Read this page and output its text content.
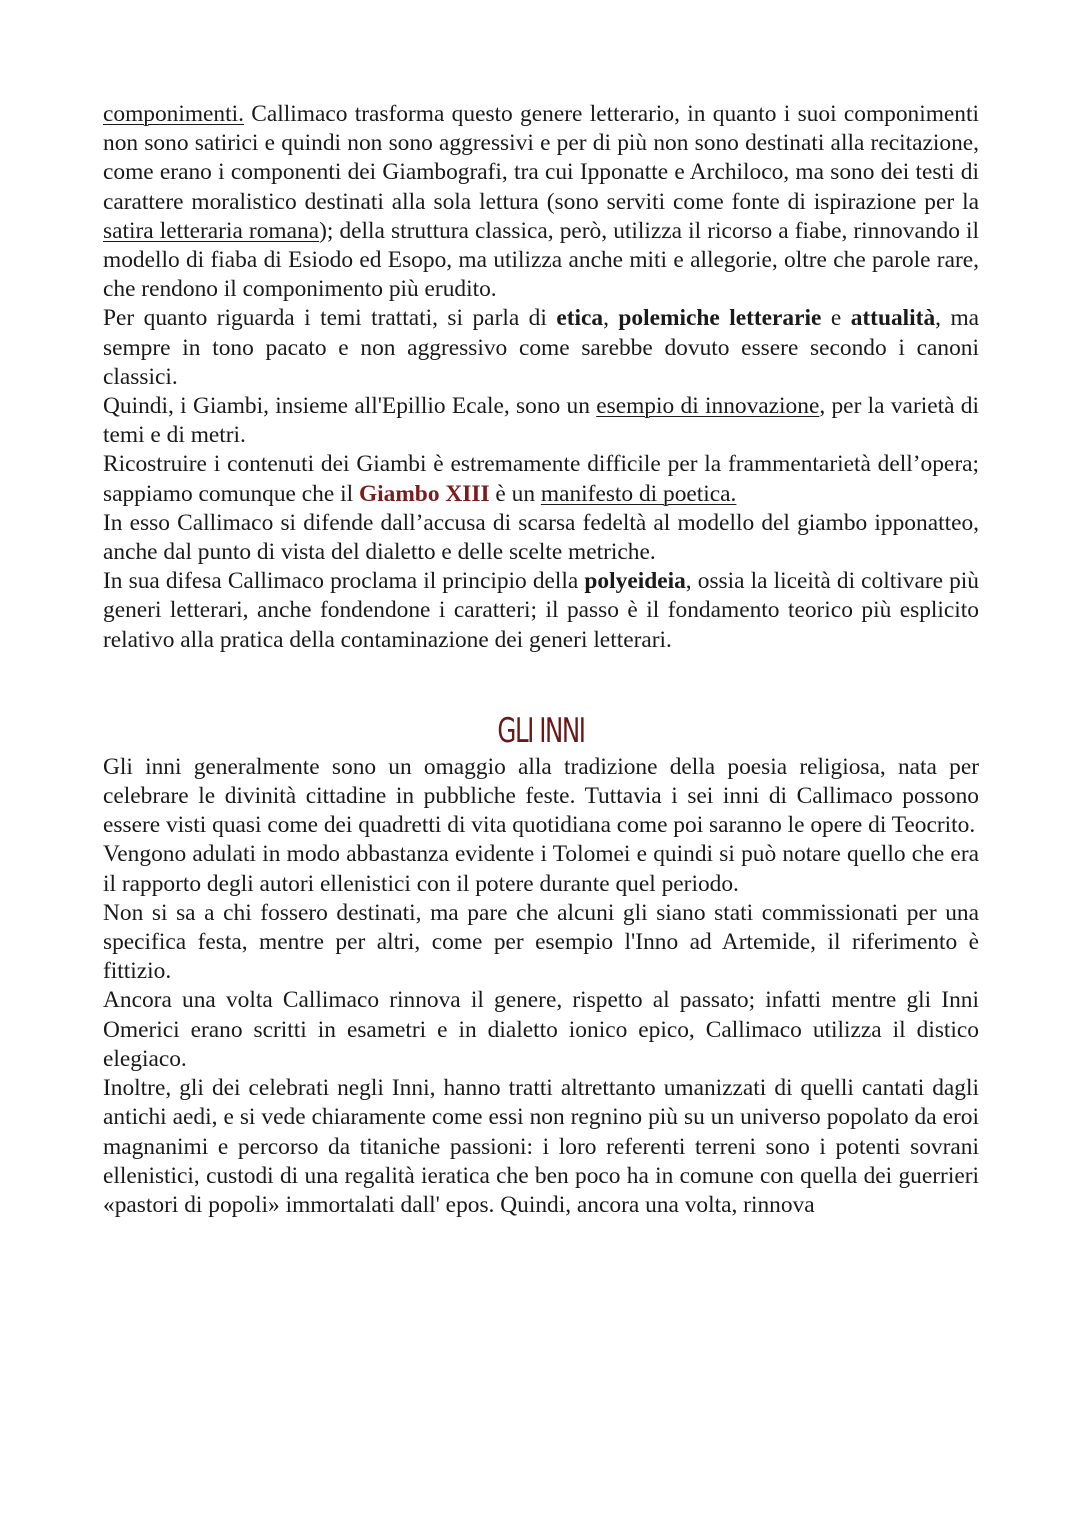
componimenti. Callimaco trasforma questo genere letterario, in quanto i suoi componimenti non sono satirici e quindi non sono aggressivi e per di più non sono destinati alla recitazione, come erano i componenti dei Giambografi, tra cui Ipponatte e Archiloco, ma sono dei testi di carattere moralistico destinati alla sola lettura (sono serviti come fonte di ispirazione per la satira letteraria romana); della struttura classica, però, utilizza il ricorso a fiabe, rinnovando il modello di fiaba di Esiodo ed Esopo, ma utilizza anche miti e allegorie, oltre che parole rare, che rendono il componimento più erudito.

Per quanto riguarda i temi trattati, si parla di etica, polemiche letterarie e attualità, ma sempre in tono pacato e non aggressivo come sarebbe dovuto essere secondo i canoni classici.

Quindi, i Giambi, insieme all'Epillio Ecale, sono un esempio di innovazione, per la varietà di temi e di metri.

Ricostruire i contenuti dei Giambi è estremamente difficile per la frammentarietà dell’opera; sappiamo comunque che il Giambo XIII è un manifesto di poetica.

In esso Callimaco si difende dall’accusa di scarsa fedeltà al modello del giambo ipponatteo, anche dal punto di vista del dialetto e delle scelte metriche.

In sua difesa Callimaco proclama il principio della polyeideia, ossia la liceità di coltivare più generi letterari, anche fondendone i caratteri; il passo è il fondamento teorico più esplicito relativo alla pratica della contaminazione dei generi letterari.

GLI INNI

Gli inni generalmente sono un omaggio alla tradizione della poesia religiosa, nata per celebrare le divinità cittadine in pubbliche feste. Tuttavia i sei inni di Callimaco possono essere visti quasi come dei quadretti di vita quotidiana come poi saranno le opere di Teocrito.

Vengono adulati in modo abbastanza evidente i Tolomei e quindi si può notare quello che era il rapporto degli autori ellenistici con il potere durante quel periodo.

Non si sa a chi fossero destinati, ma pare che alcuni gli siano stati commissionati per una specifica festa, mentre per altri, come per esempio l'Inno ad Artemide, il riferimento è fittizio.

Ancora una volta Callimaco rinnova il genere, rispetto al passato; infatti mentre gli Inni Omerici erano scritti in esametri e in dialetto ionico epico, Callimaco utilizza il distico elegiaco.

Inoltre, gli dei celebrati negli Inni, hanno tratti altrettanto umanizzati di quelli cantati dagli antichi aedi, e si vede chiaramente come essi non regnino più su un universo popolato da eroi magnanimi e percorso da titaniche passioni: i loro referenti terreni sono i potenti sovrani ellenistici, custodi di una regalità ieratica che ben poco ha in comune con quella dei guerrieri «pastori di popoli» immortalati dall' epos. Quindi, ancora una volta, rinnova
